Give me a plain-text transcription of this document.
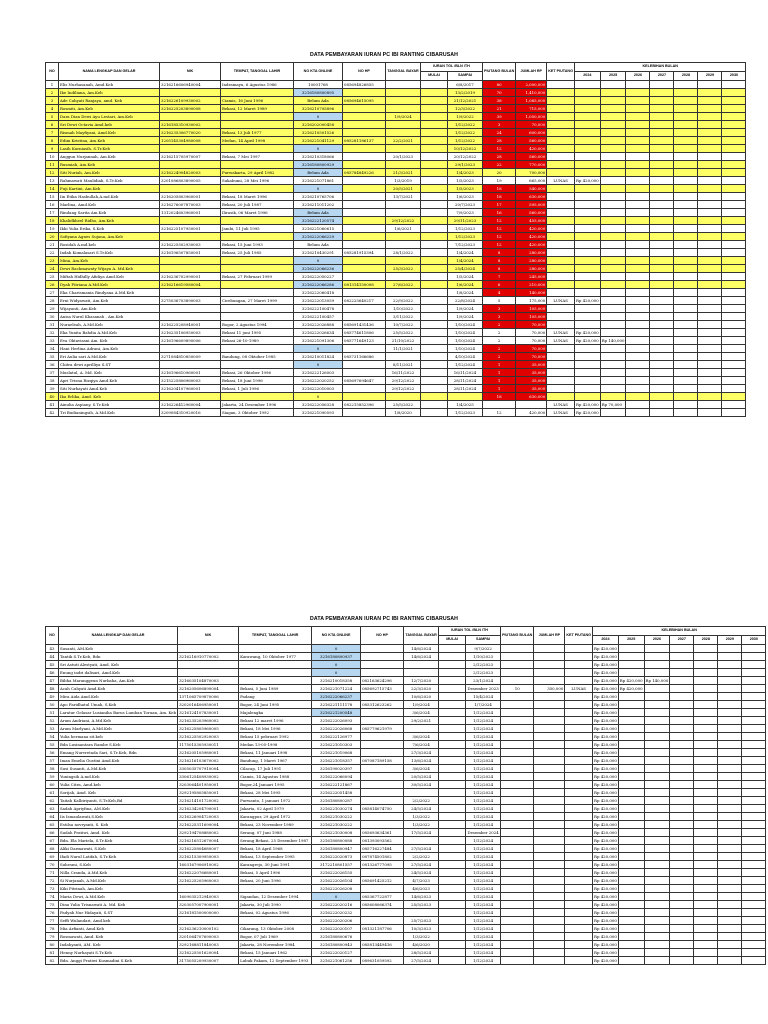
DATA PEMBAYARAN IURAN PC IBI RANTING CIBARUSAH
NO	NAMA LENGKAP DAN GELAR	NIK	TEMPAT, TANGGAL LAHIR	NO KTA ONLINE	NO HP	TANGGAL BAYAR	IURAN TGL /BLN /TH		PIUTANG BULAN	JUMLAH RP	KET PIUTANG	KELEBIHAN BULAN						
							MULAI	SAMPAI				2024	2025	2026	2027	2028	2029	2030
1	Elis Nurhasanah, Amd.Keb	3216216606940004	Indramayu, 6 Agustus 1986	10001768	085694826855			6/8/2017	80	2,000,000								
2	Ike Indiliana, Am.Keb			3216180800895				13/2/2019	70	1,410,000								
3	Ade Cahyati Ranjaya, amd. Keb	3216226109930002	Ciamis, 16 Juni 1996	Belum Ada	085694615095			21/12/2021	38	1,085,000								
4	Rosmiti, Am.Keb	3216225203890008	Bekasi, 12 Maret 1989	3216210705896				12/3/2022	21	715,000								
5	Dara Dian Dewi Ayu Lestari, Am.Keb			0		1/9/2024		1/9/2022	39	1,050,000								
6	Sri Dewi Octavia Amd.keb	3216185310930002		3216202000458				1/12/2022	3	70,000								
7	Rismah Mayfiyani, Amd.Keb	3216235306770020	Bekasi, 13 Juli 1977	3216210501526				1/12/2022	24	600,000								
8	Edim Kristina, Am.Keb	1205145304980008	Medan, 14 April 1998	3216221041129	085281186137	22/2/2021		1/12/2022	28	560,000								
9	Lasih Kurniasih, S.Tr.Keb			0				10/12/2022	12	420,000								
10	Anggun Nurjannah, Am.Keb	3216215705970007	Bekasi, 7 Mei 1997	3216210318066		20/1/2023		20/12/2022	28	560,000								
11	Rusmiah, Am.Keb			3216180800929				29/1/2023	22	770,000								
12	Siti Nuriah, Am.Keb	3216224904820003	Purwakarta, 29 April 1982	Belum Ada	085784849226	21/3/2021		1/4/2023	20	700,000								
13	Rahmawati Maulidiah, S.Tr.Keb	3201086803890005	Sukabumi, 28 Mei 1996	3216221071861		1/3/2019		1/5/2023	19	665,000	LUNAS	Rp 420,000						
14	Fuji Kartini, Am.Keb			0		20/5/2021		1/5/2023	18	540,000								
15	Iin Etika Hasbullah,A.md.Keb	3216205803960001	Bekasi, 18 Maret 1996	3216210765706		13/7/2021		1/6/2023	18	630,000								
16	Marlina, Amd.Keb	3216276007870003	Bekasi, 20 Juli 1987	3216211011202				20/7/2023	17	595,000								
17	Rindang Sarita Am.Keb	1312024603960001	Ilirasik, 06 Maret 1996	Belum Ada				7/9/2023	16	560,000								
18	Khalidkheel Ridho, Am.Keb			3216222120574		29/12/2022		29/11/2023	12	455,000								
19	Ikhi Yulia Erika, S.Keb	3216225107950001	Jambi, 11 Juli 1995	3216221060615		1/6/2021		1/12/2023	12	420,000								
20	Sofiyana Agnes Sujana, Am.Keb			3216222066229				1/12/2023	12	420,000								
21	Rosidah A.md.keb	3216225502930003	Bekasi, 15 Juni 1993	Belum Ada				7/12/2023	12	420,000								
22	Indah Komalasari S.Tr.Keb	3216196507850001	Bekasi, 25 Juli 1985	3216210430291	085281915394	28/1/2022		1/4/2024	8	280,000								
23	Mina, Am.Keb			0				1/4/2024	8	280,000								
24	Dewi Rachmawaty Wijaya A. Md.Keb			3216222066236		25/3/2022		25/4/2024	8	280,000								
25	Miftah Hidhilly Afidiya Amd.Keb	3216236702990001	Bekasi, 27 Februari 1999	3216222050227				1/5/2024	7	245,000								
26	Dyah Fitriana A.Md.Keb	3216216619580004		3216222066286	081314150008	27/6/2022		1/6/2024	6	210,000								
27	Eka Charismania Rindyana A.Md.Keb			3216222060418				1/8/2024	4	140,000								
28	Erni Widyawati, Am.Keb	3275036703890003	Cirebungan, 27 Maret 1999	3216222013059	082225640217	22/9/2022		22/8/2024	5	175,000	LUNAS	Rp 420,000						
29	Wijayanti, Am.Keb			3216222100478		1/10/2022		1/9/2024	3	105,000								
30	Anisa Nurul Khasanah , Am.Keb			3216222100457		3/11/2022		1/9/2024	3	105,000								
31	Nuraeleah, A.Md.Keb	3216225208940001	Bogor, 2 Agustus 1994	3216222026888	085691431436	10/7/2022		1/10/2024	2	70,000								
32	Eka Yunita Bahdia A.Md.Keb	3216235106950003	Bekasi 11 juni 1995	3216222026634	085774611806	25/5/2022		1/10/2024	2	70,000	LUNAS	Rp 420,000						
33	Eva Oktaviasni Am. Keb	3216196609890006	Bekasi 26-10-1989	3216221091306	085771649123	21/10/2022		1/10/2024	2	70,000	LUNAS	Rp 420,000	Rp 140,000					
34	Hani Herlina Adrani, Am.Keb			0		11/1/2021		1/10/2024	2	70,000								
35	Eri Aulia sari A.Md.Keb	3271084810850009	Bandung, 08 Oktober 1985	3216210011824	085731166686			4/10/2024	2	70,000								
36	Chitra dewi aprilliya S.ST			0		8/11/2021		1/12/2024	1	35,000								
37	Muslatul, A. Md. Keb	3216196610960001	Bekasi, 26 Oktober 1996	3216222126003		16/11/2022		16/11/2024	1	35,000								
38	Apri Trisna Rizqiya Amd.Keb	3215225806960003	Bekasi, 18 Juni 1996	3216222020252	085697694647	29/12/2022		28/11/2024	1	35,000								
39	Siti Nurhayati Amd.Keb	3216204107960001	Bekasi, 1 Juli 1996	3216222010003		29/12/2022		28/11/2024	1	35,000								
40	Ika Erlika, Amd. Keb			0					18	630,000								
41	Ainulia Aspiany, S.Tr.Keb	3216226412960004	Jakarta, 24 Desember 1996	3216222056328	082215852396	25/5/2022		1/4/2025			LUNAS	Rp 420,000	Rp 70,000					
42	Tri Budianingsih, A.Md.Keb	3209084310920016	Siagan, 3 Oktober 1992	3216221090593		1/8/2020		1/12/2023	12	420,000	LUNAS	Rp 420,000						
DATA PEMBAYARAN IURAN PC IBI RANTING CIBARUSAH
NO	NAMA LENGKAP DAN GELAR	NIK	TEMPAT, TANGGAL LAHIR	NO KTA ONLINE	NO HP	TANGGAL BAYAR	IURAN TGL /BLN /TH		PIUTANG BULAN	JUMLAH RP	KET PIUTANG	KELEBIHAN BULAN						
							MULAI	SAMPAI				2024	2025	2026	2027	2028	2029	2030
43	Susanti, AM.Keb			0		14/6/2024		9/7/2022				Rp 420,000						
44	Tantik S.Tr.Keb, Bdn	3216216910770002	Karawang, 10 Oktober 1977	3216180800937		14/6/2024		1/10/2023				Rp 420,000						
45	Sri Astuti Alestyati, Amd. Keb			0				2/12/2023				Rp 420,000						
46	Enung indri dalisari, Amd.Keb			0				2/12/2023				Rp 420,000						
47	Bibha Maranggeun Nurbaha, Am.Keb	3216035104870003		3216210018358	082163624296	12/7/2020		23/1/2024				Rp 420,000	Rp 420,000	Rp 140,000				
48	Acah Cahyati Amd.Keb	3216205606890004	Bekasi, 5 Juni 1989	3216221071224	085692715743	22/3/2020		Desember 2023	10	350,000	LUNAS	Rp 420,000	Rp 420,000					
49	Mira Aida Amd.Keb	1371065709870006	Padang	3216222066237		10/6/2020		15/4/2024				Rp 420,000						
50	Apo Faridhatul Umah, S.Keb	3202016406950001	Bogor, 24 Juni 1995	3216221111178	085312623262	1/9/2024		1/7/2024				Rp 420,000						
51	Laratur Gelasar Lusianiha Barus Lumban Toruan, Am. Keb	3216124107830001	Majalengka	3216221200548		3/6/2024		1/12/2024				Rp 420,000						
52	Arum Andriani, A.Md.Keb	3216235203960002	Bekasi 12 maret 1996	3216222026093		29/2/2021		1/12/2024				Rp 420,000						
53	Arum Marlyani, A.Md.Keb	3216225805960005	Bekasi, 18 Mei 1996	3216222026068	085779621979			1/12/2024				Rp 420,000						
54	Yulia hermana sit.keb	3216225502920003	Bekasi 15 pebruari 1992	3216222126977		3/6/2024		1/12/2024				Rp 420,000						
55	Bdn Lusinantara Rambe S.Keb	1175015305930011	Medan 13-05-1998	3216221010303		7/6/2024		1/12/2024				Rp 420,000						
56	Emang Nurvretada Sari, S.Tr.Keb, Bdn	3216205105980001	Bekasi, 11 Januari 1998	3216221019068		27/3/2024		1/12/2024				Rp 420,000						
57	Iman Emelia Gustini Amd.Keb	3216216103670002	Bandung, 1 Maret 1967	3216221018357	087087189158	13/6/2024		1/12/2024				Rp 420,000						
58	Susi Susanti, A.Md.Keb	3305035707910004	Cilacap, 17 Juli 1991	3216190020397		3/6/2024		1/12/2024				Rp 420,000						
59	Yuningsih A.md.Keb	3306125408930002	Ciamis, 14 Agustus 1988	3216222066094		20/5/2024		1/12/2024				Rp 420,000						
60	Yulia Citra, Amd.keb	3203064401950001	Bogor,24 Januari 1995	3216222121867		30/5/2024		1/12/2024				Rp 420,000						
61	Sorijah, Amd. Keb	3292195805850001	Bekasi, 28 Mei 1995	3216222051458				1/12/2024				Rp 420,000						
62	Taitah Kalbiriyanti, S.Tr.Keb,Bd	3216214101720002	Purwanto, 1 januari 1972	3216180800287		2/2/2022		1/12/2024				Rp 420,000						
63	Sadah Apriyfina, AM.Keb	3216234204790001	Jakarta, 02 April 1979	3216221030274	085814074750	24/5/2024		1/12/2024				Rp 420,000						
64	Iis Ismaulawati,S.Keb	3216226904720003	Karangpur, 29 April 1972	3216221030222		1/3/2022		1/12/2024				Rp 420,000						
65	Estilsa novryanti, S. Keb	3216225311690004	Bekasi, 23 November 1989	3216221030222		1/3/2022		1/12/2024				Rp 420,000						
66	Sudah Pratiwi, Amd. Keb	3292194708880002	Serang, 07 Juni 1988	3216221030008	085693634361	17/5/2024		Desember 2024				Rp 420,000						
67	Bdn. Ela Mariela, S.Tr.Keb	3216216512670004	Serang Bekasi, 25 Desember 1987	3216180800088	081393093562			1/12/2024				Rp 420,000						
68	Aliki Darmawati, S.Keb	3216225804680007	Bekasi, 18 April 1968	3216180800947	085716227484	27/5/2024		1/12/2024				Rp 420,000						
69	Ifadi Nurul Latifah, S.Tr.Keb	3216215309950003	Bekasi, 13 September 1995	3216222020873	087874501802	2/2/2022		1/12/2024				Rp 420,000						
70	Suhesmi, S.Keb	1603167906910002	Karangrejo, 30 Juni 1991	3172210801557	081326777095	27/5/2024		1/12/2024				Rp 420,000						
71	Nilla Cranda, A.Md.Keb	3216222076680001	Bekasi, 5 April 1996	3216222026155		24/5/2024		1/12/2024				Rp 420,000						
72	Si Nurjanah, A.Md.Keb	3216225205960003	Bekasi, 20 Juni 1996	3216222026104	085691425212	4/7/2023		1/12/2024				Rp 420,000						
73	Kiki Pitrinah, Am.Keb			3216222026208		4/6/2023		1/12/2024				Rp 420,000						
74	Maria Dewi, A.Md.Keb	1609035212940003	Sigandan, 12 Desember 1994	0	085367722877	14/6/2023		1/12/2024				Rp 420,000						
75	Dina Yulia Trisnawati A. Md. Keb	3203057007900001	Jakarta, 30 Juli 1990	3216222020216	085608066374	25/5/2023		1/12/2024				Rp 420,000						
76	Fadyah Nur Hidayati, S.ST	3216181500000000	Bekasi, 02 Agustus 1996	3216222020232				1/12/2024				Rp 420,000						
77	Seffi Wulandari, Amd.keb			3216222020206		25/7/2023		1/12/2024				Rp 420,000						
78	Mia Arfianti, Amd.Keb	3216236210000102	Cikarang, 13 Oktober 2008	3216222020107	081321187706	10/3/2023		1/12/2024				Rp 420,000						
79	Rosmawati, Amd. Keb	3201064707690003	Bogor, 07 Juli 1969	3216180800676		1/3/2022		1/12/2024				Rp 420,000						
80	Indahyanti, AM. Keb	3292168811840003	Jakarta, 28 November 1984	3216180800943	085813449416	4/6/2020		1/12/2024				Rp 420,000						
81	Henny Nurhayati S.Tr.Keb	3216225501620004	Bekasi, 15 Januari 1962	3216222020127		28/5/2024		1/12/2024				Rp 420,000						
82	Bdn. Anggi Pratiwi Kusmadini S.Keb	3175055209930007	Lubuk Pakam, 12 September 1993	3216221061256	089631059592	27/5/2024		1/12/2024				Rp 420,000						
